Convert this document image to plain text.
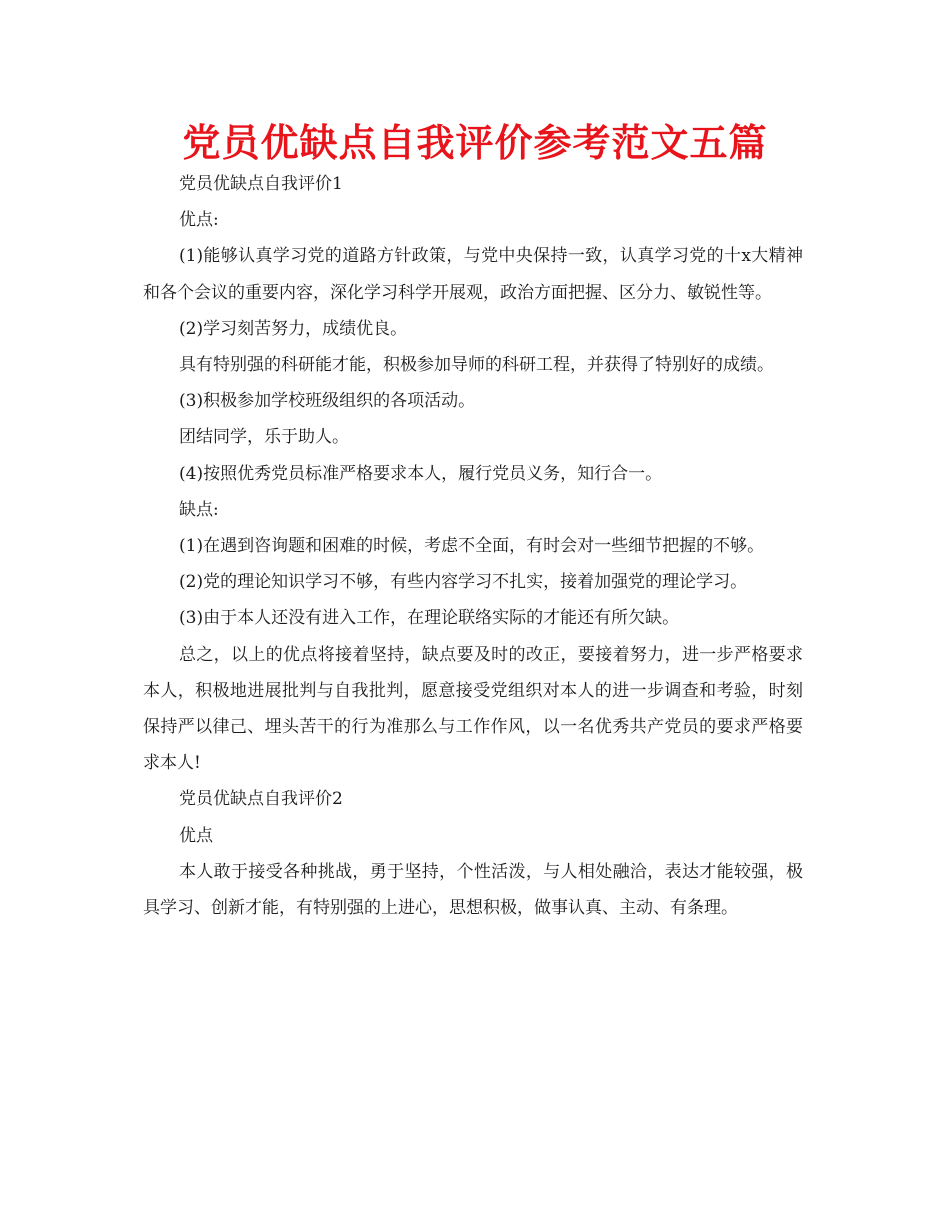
党员优缺点自我评价参考范文五篇

党员优缺点自我评价1

优点:

(1)能够认真学习党的道路方针政策，与党中央保持一致，认真学习党的十x大精神和各个会议的重要内容，深化学习科学开展观，政治方面把握、区分力、敏锐性等。

(2)学习刻苦努力，成绩优良。

具有特别强的科研能才能，积极参加导师的科研工程，并获得了特别好的成绩。

(3)积极参加学校班级组织的各项活动。

团结同学，乐于助人。

(4)按照优秀党员标准严格要求本人，履行党员义务，知行合一。

缺点:

(1)在遇到咨询题和困难的时候，考虑不全面，有时会对一些细节把握的不够。

(2)党的理论知识学习不够，有些内容学习不扎实，接着加强党的理论学习。

(3)由于本人还没有进入工作，在理论联络实际的才能还有所欠缺。

总之，以上的优点将接着坚持，缺点要及时的改正，要接着努力，进一步严格要求本人，积极地进展批判与自我批判，愿意接受党组织对本人的进一步调查和考验，时刻保持严以律己、埋头苦干的行为准那么与工作作风，以一名优秀共产党员的要求严格要求本人!

党员优缺点自我评价2

优点

本人敢于接受各种挑战，勇于坚持，个性活泼，与人相处融洽，表达才能较强，极具学习、创新才能，有特别强的上进心，思想积极，做事认真、主动、有条理。
